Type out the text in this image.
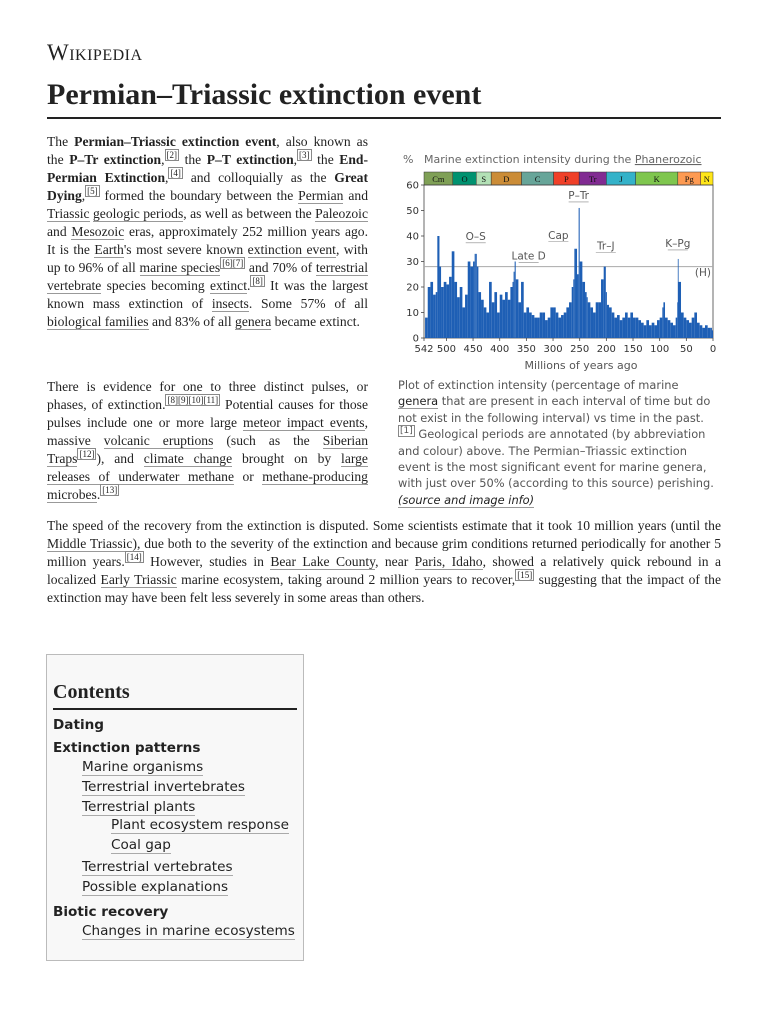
Wikipedia
Permian–Triassic extinction event

The Permian–Triassic extinction event, also known as the P–Tr extinction, [2] the P–T extinction, [3] the End-Permian Extinction, [4] and colloquially as the Great Dying, [5] formed the boundary between the Permian and Triassic geologic periods, as well as between the Paleozoic and Mesozoic eras, approximately 252 million years ago. It is the Earth's most severe known extinction event, with up to 96% of all marine species [6][7] and 70% of terrestrial vertebrate species becoming extinct. [8] It was the largest known mass extinction of insects. Some 57% of all biological families and 83% of all genera became extinct.

There is evidence for one to three distinct pulses, or phases, of extinction. [8][9][10][11] Potential causes for those pulses include one or more large meteor impact events, massive volcanic eruptions (such as the Siberian Traps [12] ), and climate change brought on by large releases of underwater methane or methane-producing microbes. [13]

The speed of the recovery from the extinction is disputed. Some scientists estimate that it took 10 million years (until the Middle Triassic), due both to the severity of the extinction and because grim conditions returned periodically for another 5 million years. [14] However, studies in Bear Lake County, near Paris, Idaho, showed a relatively quick rebound in a localized Early Triassic marine ecosystem, taking around 2 million years to recover, [15] suggesting that the impact of the extinction may have been felt less severely in some areas than others.

% Marine extinction intensity during the Phanerozoic
Cm O S D	C	P Tr	J	K	Pg N
0
10
20
30
40
50
60
542 500 450 400 350 300 250 200 150 100 50 0
O–S
Late D
Cap
P–Tr
Tr–J	K–Pg
(H)
Millions of years ago
Plot of extinction intensity (percentage of marine genera that are present in each interval of time but do not exist in the following interval) vs time in the past.[1] Geological periods are annotated (by abbreviation and colour) above. The Permian–Triassic extinction event is the most significant event for marine genera, with just over 50% (according to this source) perishing. (source and image info)
Contents
Dating
Extinction patterns
Marine organisms
Terrestrial invertebrates
Terrestrial plants
Plant ecosystem response
Coal gap
Terrestrial vertebrates
Possible explanations
Biotic recovery
Changes in marine ecosystems
